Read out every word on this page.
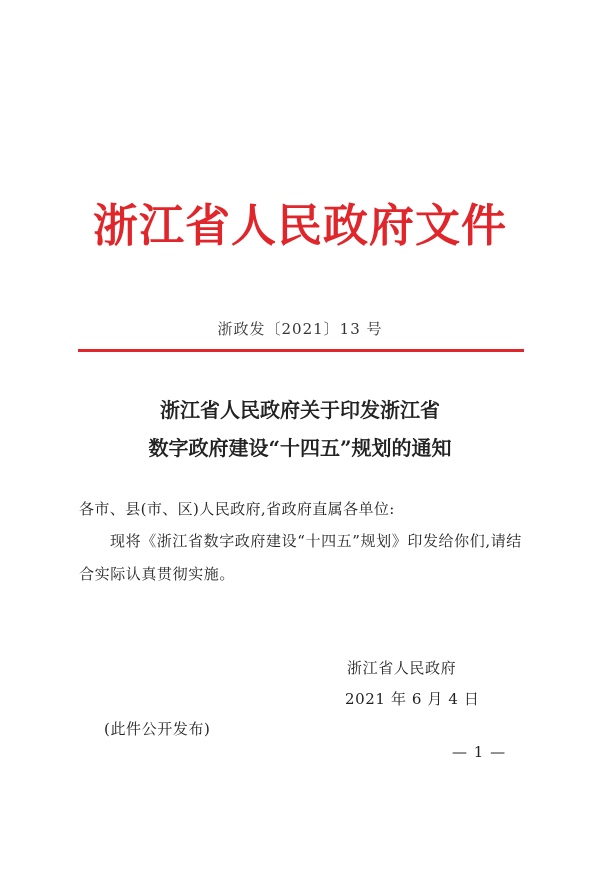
浙江省人民政府文件
浙政发〔2021〕13 号
浙江省人民政府关于印发浙江省
数字政府建设“十四五”规划的通知
各市、县(市、区)人民政府,省政府直属各单位:
现将《浙江省数字政府建设“十四五”规划》印发给你们,请结
合实际认真贯彻实施。
浙江省人民政府
2021 年 6 月 4 日
(此件公开发布)
— 1 —
